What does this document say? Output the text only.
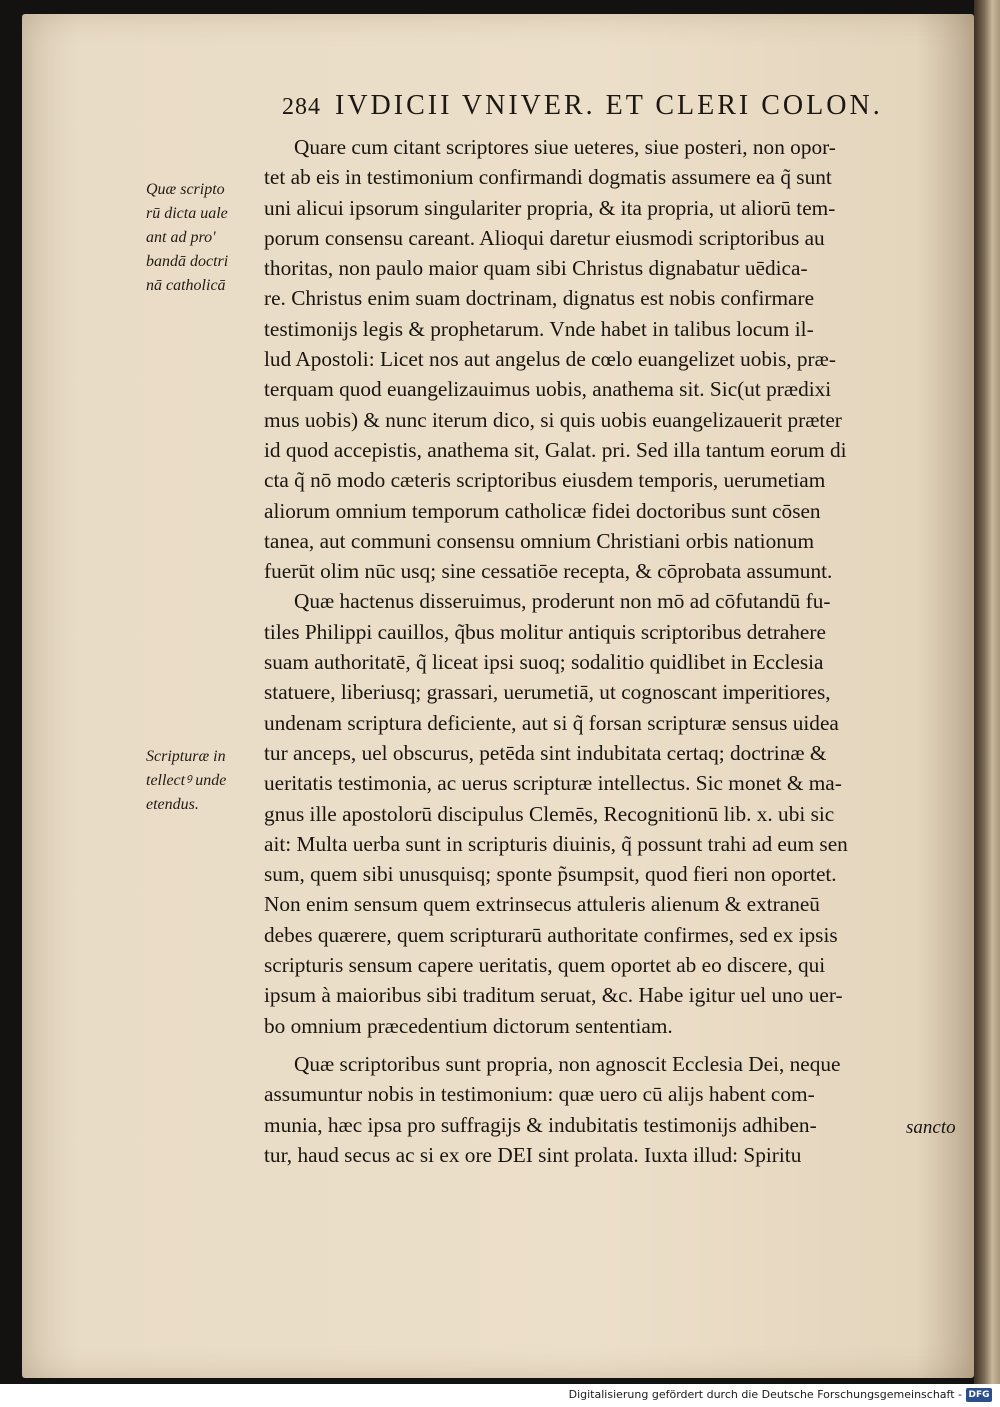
284 IVDICII VNIVER. ET CLERI COLON.
Quæ scripto
rū dicta uale
ant ad pro'
bandā doctri
nā catholicā
Scripturæ in
tellectꝰ unde
etendus.
Quare cum citant scriptores siue ueteres, siue posteri, non opor-
tet ab eis in testimonium confirmandi dogmatis assumere ea q̃ sunt
uni alicui ipsorum singulariter propria, & ita propria, ut aliorū tem-
porum consensu careant. Alioqui daretur eiusmodi scriptoribus au
thoritas, non paulo maior quam sibi Christus dignabatur uēdica-
re. Christus enim suam doctrinam, dignatus est nobis confirmare
testimonijs legis & prophetarum. Vnde habet in talibus locum il-
lud Apostoli: Licet nos aut angelus de cœlo euangelizet uobis, præ-
terquam quod euangelizauimus uobis, anathema sit. Sic(ut prædixi
mus uobis) & nunc iterum dico, si quis uobis euangelizauerit præter
id quod accepistis, anathema sit, Galat. pri. Sed illa tantum eorum di
cta q̃ nō modo cæteris scriptoribus eiusdem temporis, uerumetiam
aliorum omnium temporum catholicæ fidei doctoribus sunt cōsen
tanea, aut communi consensu omnium Christiani orbis nationum
fuerūt olim nūc usq; sine cessatiōe recepta, & cōprobata assumunt.
Quæ hactenus disseruimus, proderunt non mō ad cōfutandū fu-
tiles Philippi cauillos, q̃bus molitur antiquis scriptoribus detrahere
suam authoritatē, q̃ liceat ipsi suoq; sodalitio quidlibet in Ecclesia
statuere, liberiusq; grassari, uerumetiā, ut cognoscant imperitiores,
undenam scriptura deficiente, aut si q̃ forsan scripturæ sensus uidea
tur anceps, uel obscurus, petēda sint indubitata certaq; doctrinæ &
ueritatis testimonia, ac uerus scripturæ intellectus. Sic monet & ma-
gnus ille apostolorū discipulus Clemēs, Recognitionū lib. x. ubi sic
ait: Multa uerba sunt in scripturis diuinis, q̃ possunt trahi ad eum sen
sum, quem sibi unusquisq; sponte p̃sumpsit, quod fieri non oportet.
Non enim sensum quem extrinsecus attuleris alienum & extraneū
debes quærere, quem scripturarū authoritate confirmes, sed ex ipsis
scripturis sensum capere ueritatis, quem oportet ab eo discere, qui
ipsum à maioribus sibi traditum seruat, &c. Habe igitur uel uno uer-
bo omnium præcedentium dictorum sententiam.
Quæ scriptoribus sunt propria, non agnoscit Ecclesia Dei, neque
assumuntur nobis in testimonium: quæ uero cū alijs habent com-
munia, hæc ipsa pro suffragijs & indubitatis testimonijs adhiben-
tur, haud secus ac si ex ore DEI sint prolata. Iuxta illud: Spiritu
sancto
Digitalisierung gefördert durch die Deutsche Forschungsgemeinschaft - DFG
